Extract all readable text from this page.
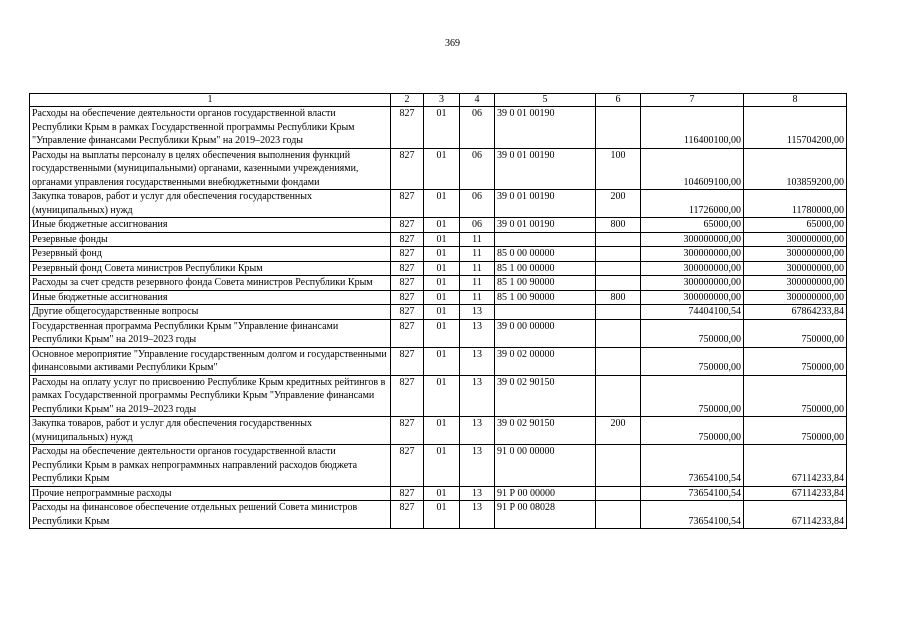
369
1	2	3	4	5	6	7	8
Расходы на обеспечение деятельности органов государственной власти Республики Крым в рамках Государственной программы Республики Крым "Управление финансами Республики Крым" на 2019–2023 годы	827	01	06	39 0 01 00190		116400100,00	115704200,00
Расходы на выплаты персоналу в целях обеспечения выполнения функций государственными (муниципальными) органами, казенными учреждениями, органами управления государственными внебюджетными фондами	827	01	06	39 0 01 00190	100	104609100,00	103859200,00
Закупка товаров, работ и услуг для обеспечения государственных (муниципальных) нужд	827	01	06	39 0 01 00190	200	11726000,00	11780000,00
Иные бюджетные ассигнования	827	01	06	39 0 01 00190	800	65000,00	65000,00
Резервные фонды	827	01	11			300000000,00	300000000,00
Резервный фонд	827	01	11	85 0 00 00000		300000000,00	300000000,00
Резервный фонд Совета министров Республики Крым	827	01	11	85 1 00 00000		300000000,00	300000000,00
Расходы за счет средств резервного фонда Совета министров Республики Крым	827	01	11	85 1 00 90000		300000000,00	300000000,00
Иные бюджетные ассигнования	827	01	11	85 1 00 90000	800	300000000,00	300000000,00
Другие общегосударственные вопросы	827	01	13			74404100,54	67864233,84
Государственная программа Республики Крым "Управление финансами Республики Крым" на 2019–2023 годы	827	01	13	39 0 00 00000		750000,00	750000,00
Основное мероприятие "Управление государственным долгом и государственными финансовыми активами Республики Крым"	827	01	13	39 0 02 00000		750000,00	750000,00
Расходы на оплату услуг по присвоению Республике Крым кредитных рейтингов в рамках Государственной программы Республики Крым "Управление финансами Республики Крым" на 2019–2023 годы	827	01	13	39 0 02 90150		750000,00	750000,00
Закупка товаров, работ и услуг для обеспечения государственных (муниципальных) нужд	827	01	13	39 0 02 90150	200	750000,00	750000,00
Расходы на обеспечение деятельности органов государственной власти Республики Крым в рамках непрограммных направлений расходов бюджета Республики Крым	827	01	13	91 0 00 00000		73654100,54	67114233,84
Прочие непрограммные расходы	827	01	13	91 Р 00 00000		73654100,54	67114233,84
Расходы на финансовое обеспечение отдельных решений Совета министров Республики Крым	827	01	13	91 Р 00 08028		73654100,54	67114233,84
